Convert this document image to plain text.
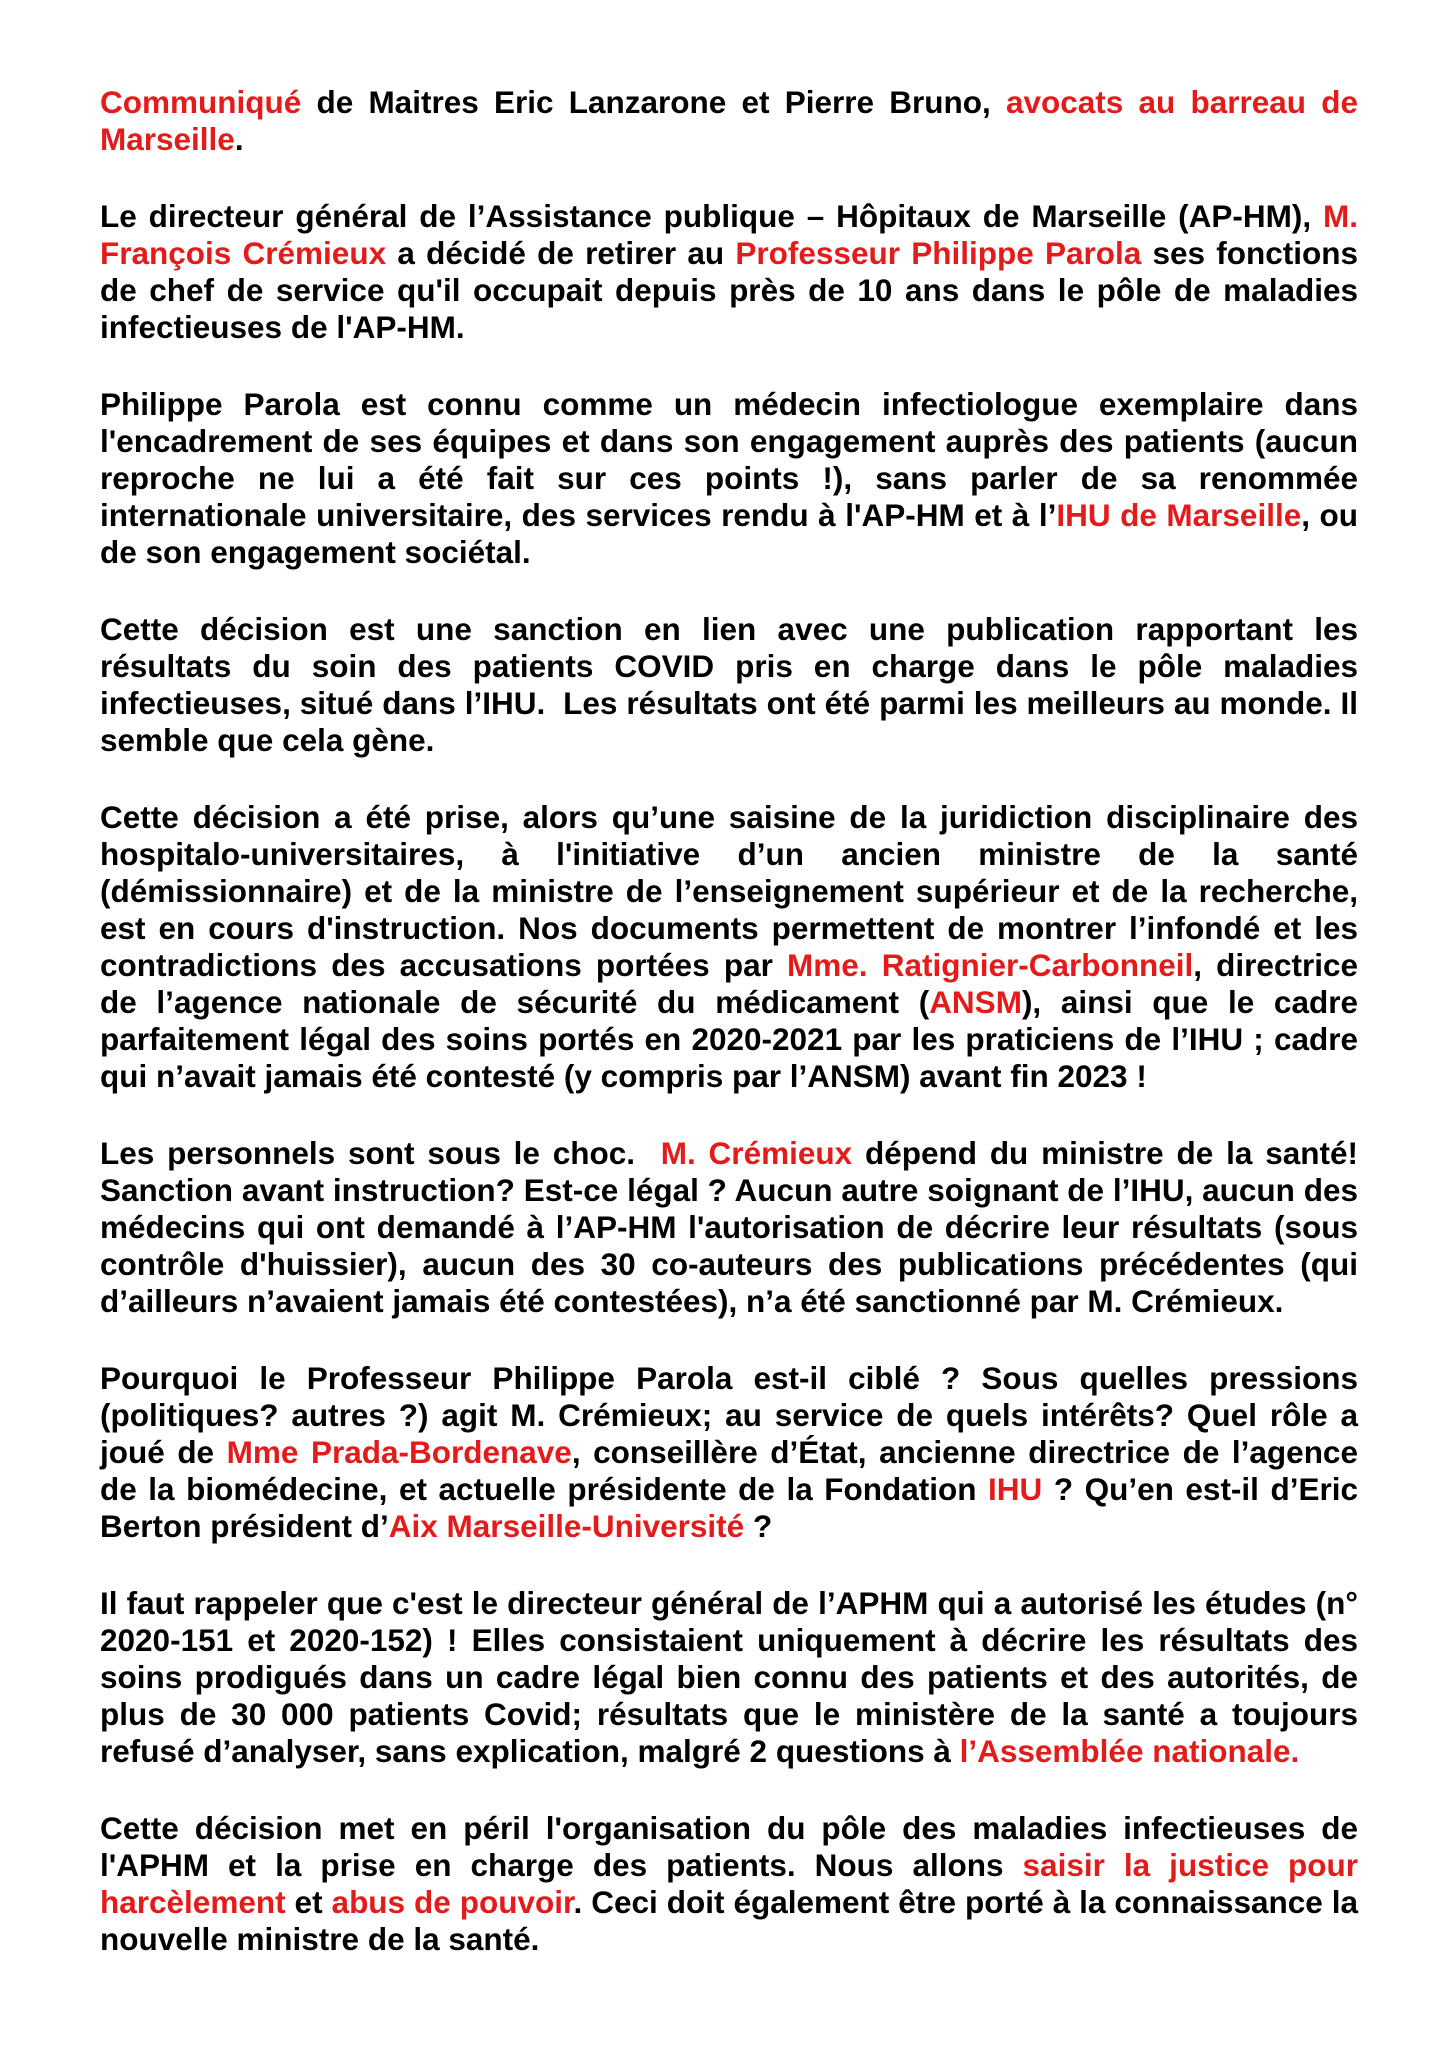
Communiqué de Maitres Eric Lanzarone et Pierre Bruno, avocats au barreau de Marseille.

Le directeur général de l’Assistance publique – Hôpitaux de Marseille (AP-HM), M. François Crémieux a décidé de retirer au Professeur Philippe Parola ses fonctions de chef de service qu'il occupait depuis près de 10 ans dans le pôle de maladies infectieuses de l'AP-HM.

Philippe Parola est connu comme un médecin infectiologue exemplaire dans l'encadrement de ses équipes et dans son engagement auprès des patients (aucun reproche ne lui a été fait sur ces points !), sans parler de sa renommée internationale universitaire, des services rendu à l'AP-HM et à l’IHU de Marseille, ou de son engagement sociétal.

Cette décision est une sanction en lien avec une publication rapportant les résultats du soin des patients COVID pris en charge dans le pôle maladies infectieuses, situé dans l’IHU.  Les résultats ont été parmi les meilleurs au monde. Il semble que cela gène.

Cette décision a été prise, alors qu’une saisine de la juridiction disciplinaire des hospitalo-universitaires, à l'initiative d’un ancien ministre de la santé (démissionnaire) et de la ministre de l’enseignement supérieur et de la recherche, est en cours d'instruction. Nos documents permettent de montrer l’infondé et les contradictions des accusations portées par Mme. Ratignier-Carbonneil, directrice de l’agence nationale de sécurité du médicament (ANSM), ainsi que le cadre parfaitement légal des soins portés en 2020-2021 par les praticiens de l’IHU ; cadre qui n’avait jamais été contesté (y compris par l’ANSM) avant fin 2023 !

Les personnels sont sous le choc.  M. Crémieux dépend du ministre de la santé! Sanction avant instruction? Est-ce légal ? Aucun autre soignant de l’IHU, aucun des médecins qui ont demandé à l’AP-HM l'autorisation de décrire leur résultats (sous contrôle d'huissier), aucun des 30 co-auteurs des publications précédentes (qui d’ailleurs n’avaient jamais été contestées), n’a été sanctionné par M. Crémieux.

Pourquoi le Professeur Philippe Parola est-il ciblé ? Sous quelles pressions (politiques? autres ?) agit M. Crémieux; au service de quels intérêts? Quel rôle a joué de Mme Prada-Bordenave, conseillère d’État, ancienne directrice de l’agence de la biomédecine, et actuelle présidente de la Fondation IHU ? Qu’en est-il d’Eric Berton président d’Aix Marseille-Université ?

Il faut rappeler que c'est le directeur général de l’APHM qui a autorisé les études (n° 2020-151 et 2020-152) ! Elles consistaient uniquement à décrire les résultats des soins prodigués dans un cadre légal bien connu des patients et des autorités, de plus de 30 000 patients Covid; résultats que le ministère de la santé a toujours refusé d’analyser, sans explication, malgré 2 questions à l’Assemblée nationale.

Cette décision met en péril l'organisation du pôle des maladies infectieuses de l'APHM et la prise en charge des patients. Nous allons saisir la justice pour harcèlement et abus de pouvoir. Ceci doit également être porté à la connaissance la nouvelle ministre de la santé.
